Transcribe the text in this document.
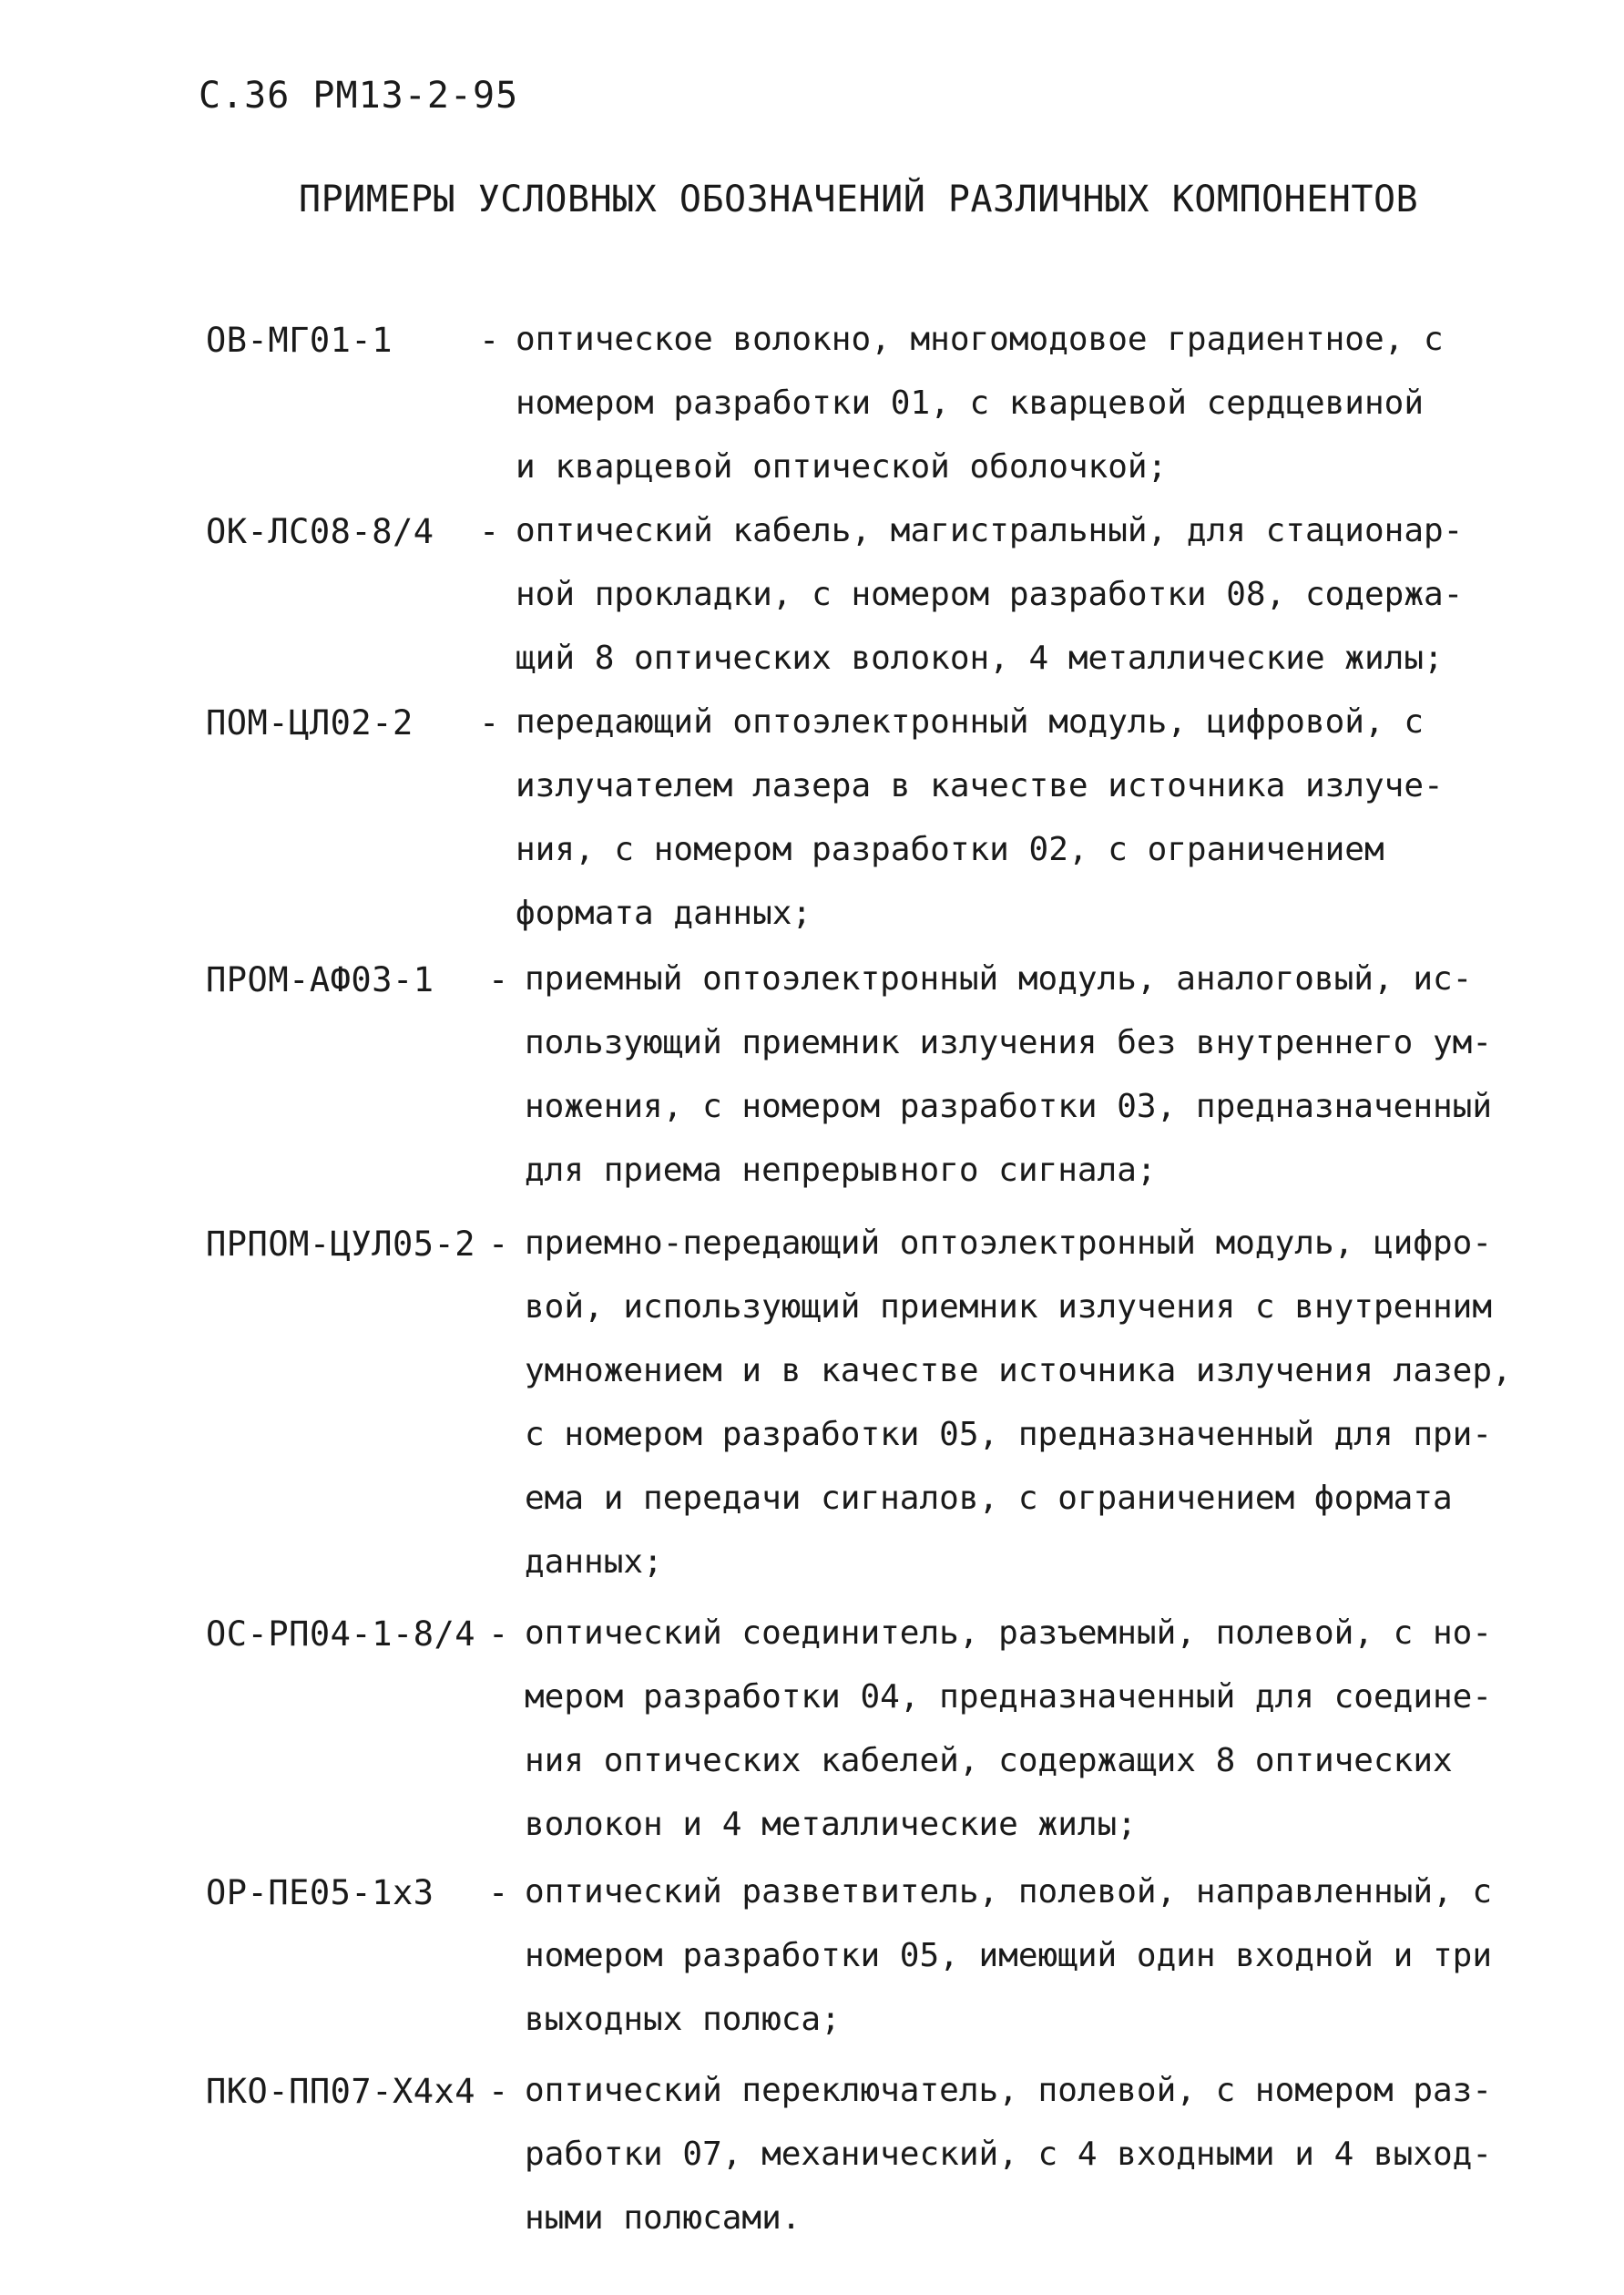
С.36 РМ13-2-95
ПРИМЕРЫ УСЛОВНЫХ ОБОЗНАЧЕНИЙ РАЗЛИЧНЫХ КОМПОНЕНТОВ
ОВ-МГ01-1	- оптическое волокно, многомодовое градиентное, с
номером разработки 01, с кварцевой сердцевиной
и кварцевой оптической оболочкой;
ОК-ЛС08-8/4 - оптический кабель, магистральный, для стационар-
ной прокладки, с номером разработки 08, содержа-
щий 8 оптических волокон, 4 металлические жилы;
ПОМ-ЦЛ02-2 - передающий оптоэлектронный модуль, цифровой, с
излучателем лазера в качестве источника излуче-
ния, с номером разработки 02, с ограничением
формата данных;
ПРОМ-АФ03-1 - приемный оптоэлектронный модуль, аналоговый, ис-
пользующий приемник излучения без внутреннего ум-
ножения, с номером разработки 03, предназначенный
для приема непрерывного сигнала;
ПРПОМ-ЦУЛ05-2 - приемно-передающий оптоэлектронный модуль, цифро-
вой, использующий приемник излучения с внутренним
умножением и в качестве источника излучения лазер,
с номером разработки 05, предназначенный для при-
ема и передачи сигналов, с ограничением формата
данных;
ОС-РП04-1-8/4 - оптический соединитель, разъемный, полевой, с но-
мером разработки 04, предназначенный для соедине-
ния оптических кабелей, содержащих 8 оптических
волокон и 4 металлические жилы;
ОР-ПЕ05-1х3 - оптический разветвитель, полевой, направленный, с
номером разработки 05, имеющий один входной и три
выходных полюса;
ПКО-ПП07-Х4х4 - оптический переключатель, полевой, с номером раз-
работки 07, механический, с 4 входными и 4 выход-
ными полюсами.
